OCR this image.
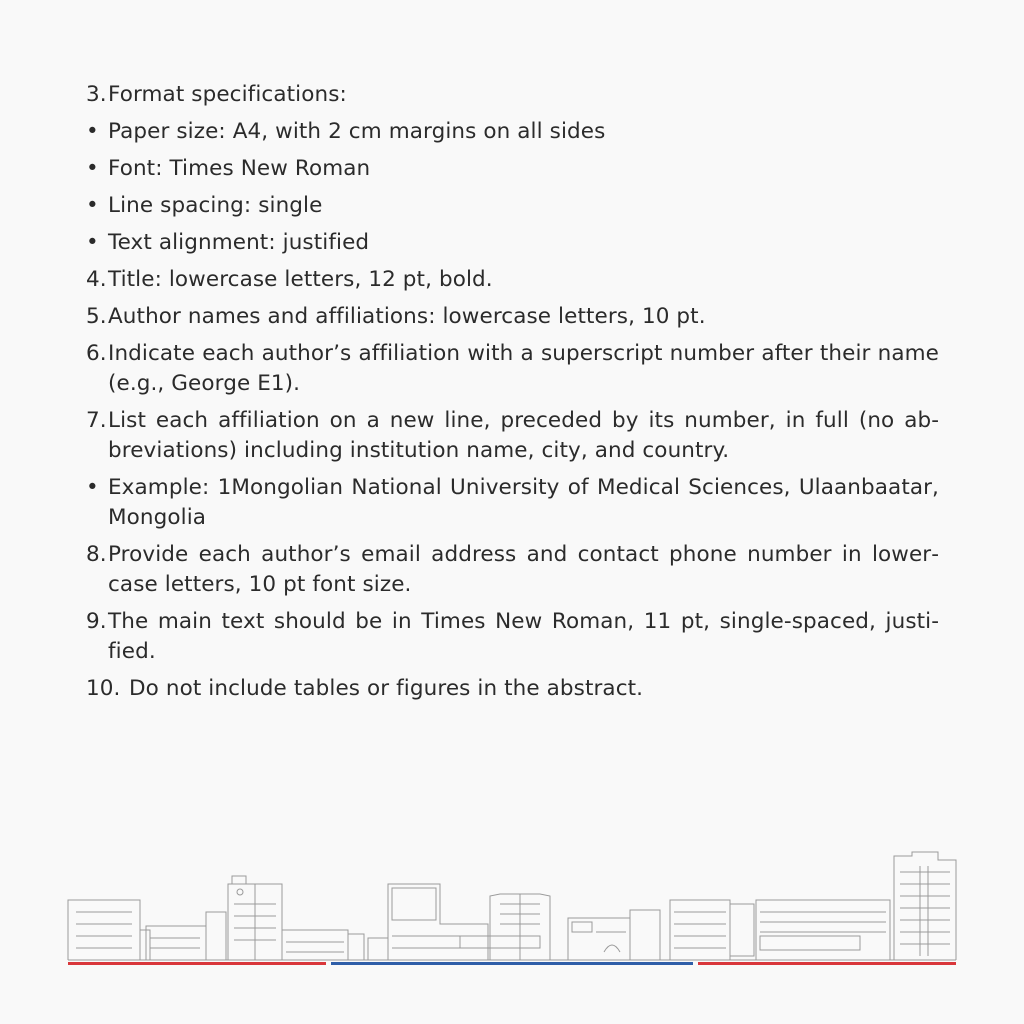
3. Format specifications:
• Paper size: A4, with 2 cm margins on all sides
• Font: Times New Roman
• Line spacing: single
• Text alignment: justified
4. Title: lowercase letters, 12 pt, bold.
5. Author names and affiliations: lowercase letters, 10 pt.
6. Indicate each author’s affiliation with a superscript number after their name (e.g., George E1).
7. List each affiliation on a new line, preceded by its number, in full (no abbreviations) including institution name, city, and country.
• Example: 1Mongolian National University of Medical Sciences, Ulaanbaatar, Mongolia
8. Provide each author’s email address and contact phone number in lowercase letters, 10 pt font size.
9. The main text should be in Times New Roman, 11 pt, single-spaced, justified.
10. Do not include tables or figures in the abstract.
